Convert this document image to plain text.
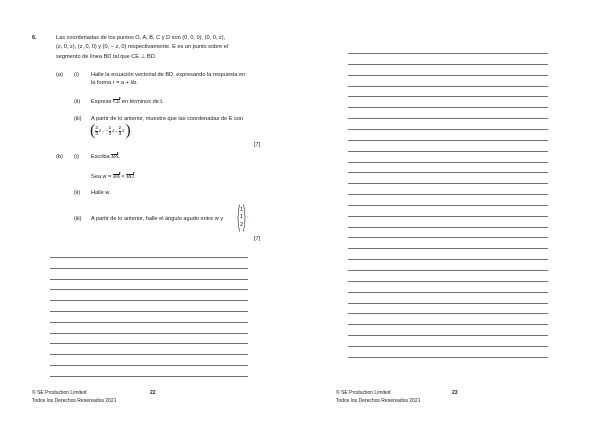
6.	Las coordenadas de los puntos O, A, B, C y D son (0, 0, 0), (0, 0, z),
(z, 0, z), (z, 0, 0) y (0, − z, 0) respectivamente. E es un punto sobre el
segmento de línea BD tal que CE ⊥ BD.
(a) (i) Halle la ecuación vectorial de BD, expresando la respuesta en
la forma r = a + λb.
(ii) Exprese CE en términos de t.
(iii) A partir de lo anterior, muestre que las coordenadas de E son
( $\frac{2}{3}$ z , − $\frac{1}{3}$ z , $\frac{2}{3}$ z ) .
[7]
(b) (i) Escriba BA.
Sea w = BA × BD.
(ii) Halle w.
(iii) A partir de lo anterior, halle el ángulo agudo entre w y
1
1
2
.
[7]
© SE Production Limited
Todos los Derechos Reservados 2021
22	© SE Production Limited
Todos los Derechos Reservados 2021
23
